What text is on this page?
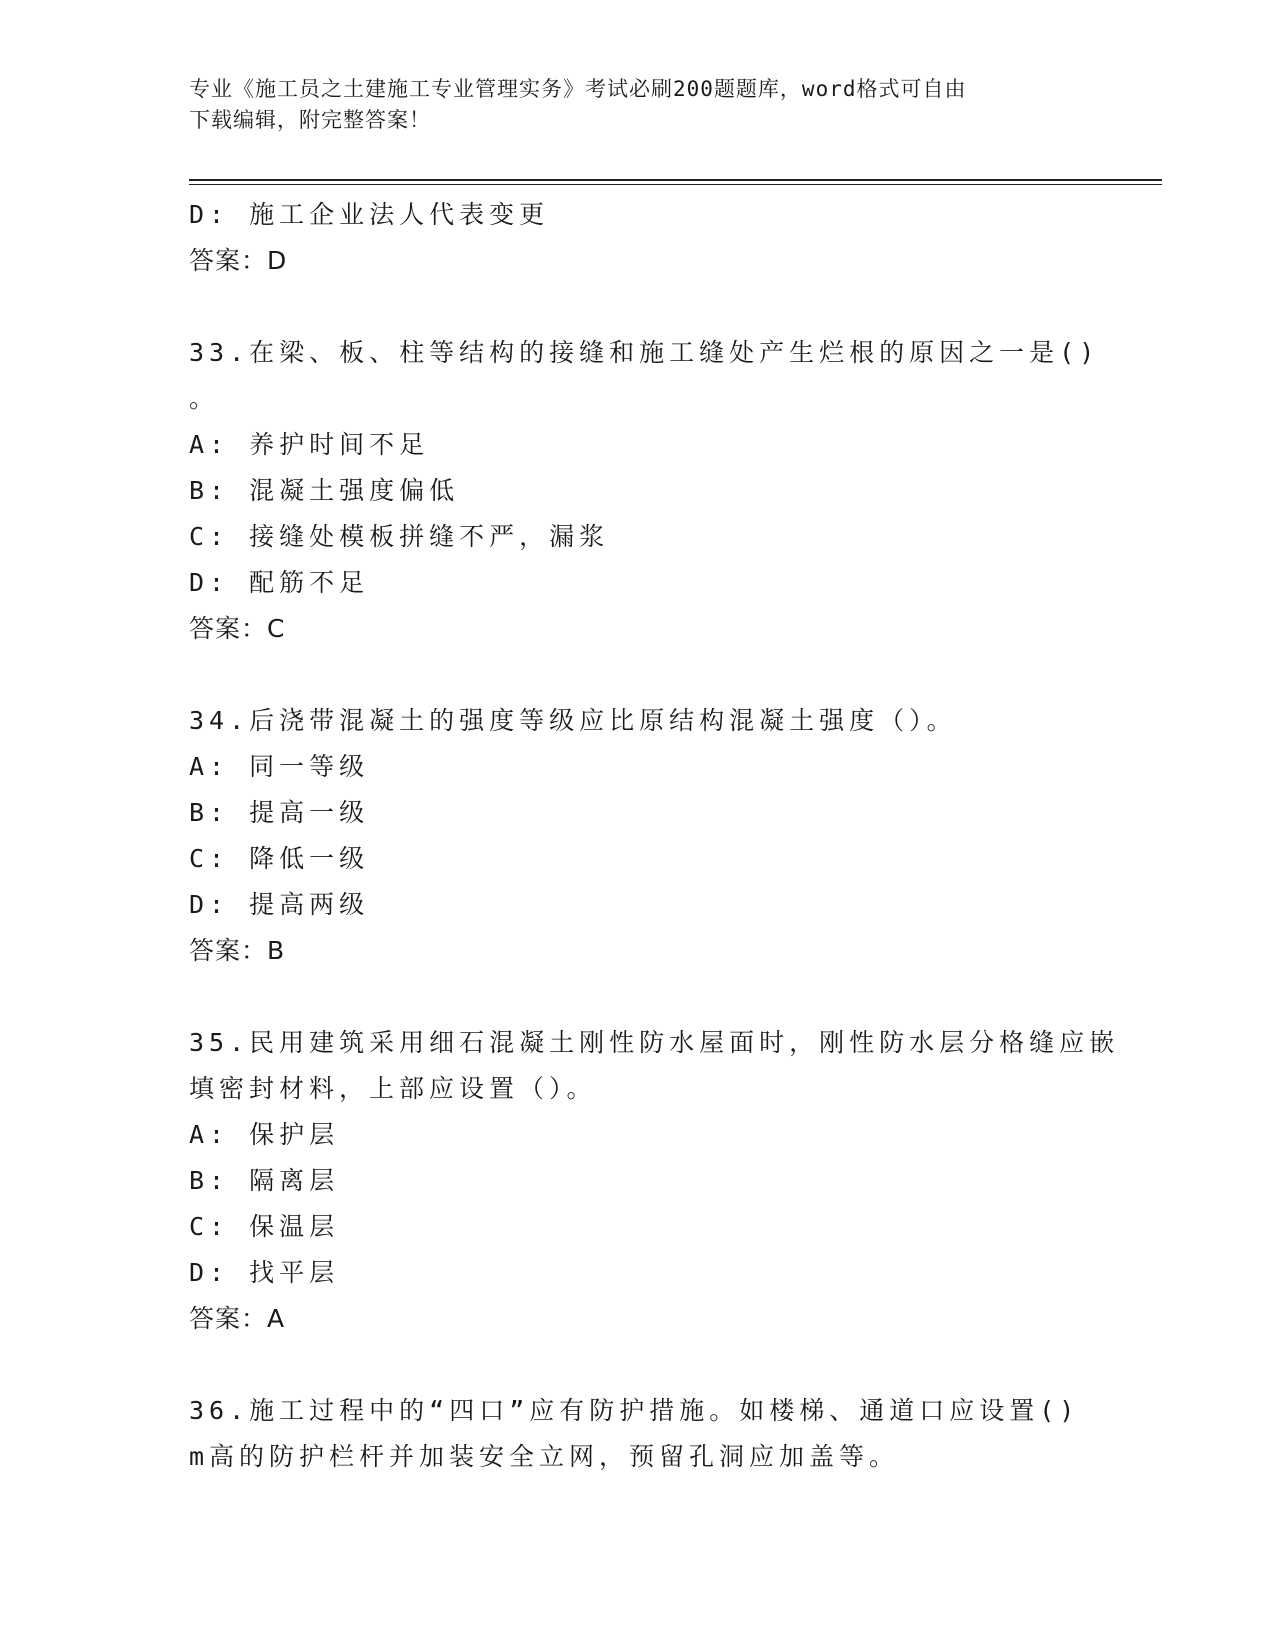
专业《施工员之土建施工专业管理实务》考试必刷200题题库，word格式可自由
下载编辑，附完整答案！
D: 施工企业法人代表变更
答案：D
33.在梁、板、柱等结构的接缝和施工缝处产生烂根的原因之一是()
。
A: 养护时间不足
B: 混凝土强度偏低
C: 接缝处模板拼缝不严，漏浆
D: 配筋不足
答案：C
34.后浇带混凝土的强度等级应比原结构混凝土强度（）。
A: 同一等级
B: 提高一级
C: 降低一级
D: 提高两级
答案：B
35.民用建筑采用细石混凝土刚性防水屋面时，刚性防水层分格缝应嵌
填密封材料，上部应设置（）。
A: 保护层
B: 隔离层
C: 保温层
D: 找平层
答案：A
36.施工过程中的“四口”应有防护措施。如楼梯、通道口应设置()
m高的防护栏杆并加装安全立网，预留孔洞应加盖等。
